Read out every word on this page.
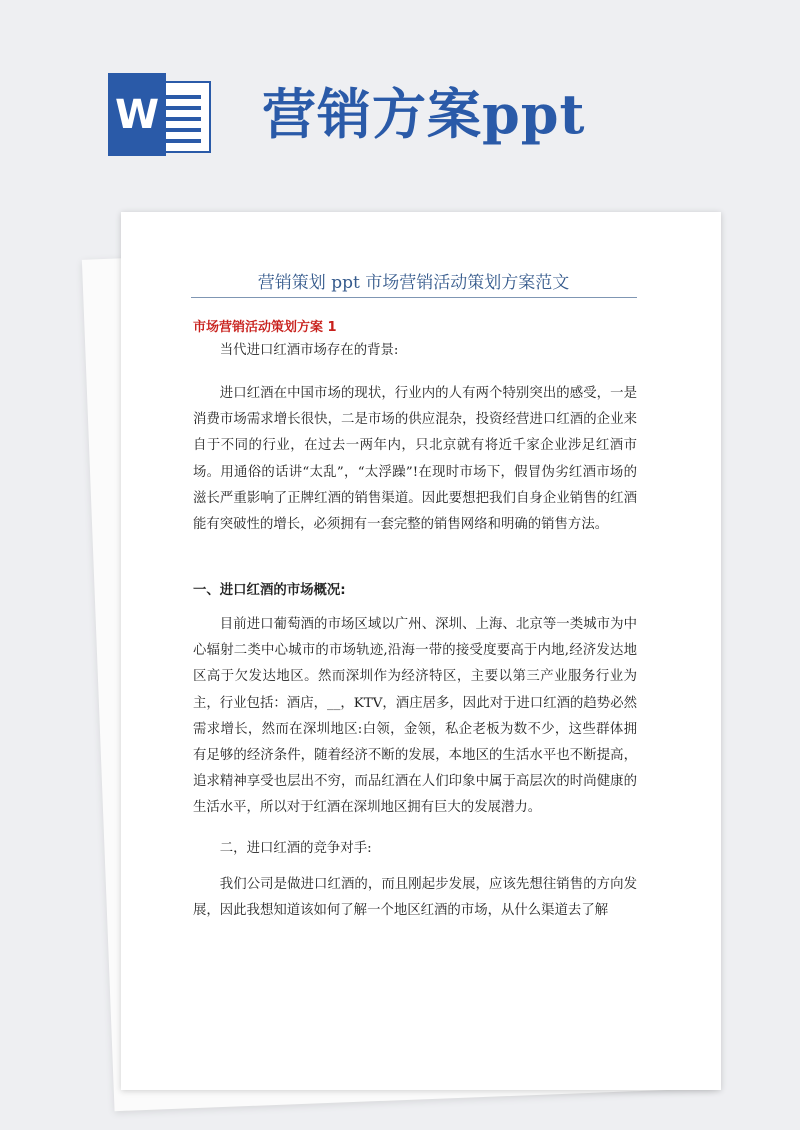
W 营销方案ppt
营销策划 ppt 市场营销活动策划方案范文
市场营销活动策划方案 1

当代进口红酒市场存在的背景:

进口红酒在中国市场的现状，行业内的人有两个特别突出的感受，一是消费市场需求增长很快，二是市场的供应混杂，投资经营进口红酒的企业来自于不同的行业，在过去一两年内，只北京就有将近千家企业涉足红酒市场。用通俗的话讲“太乱”，“太浮躁”!在现时市场下，假冒伪劣红酒市场的滋长严重影响了正牌红酒的销售渠道。因此要想把我们自身企业销售的红酒能有突破性的增长，必须拥有一套完整的销售网络和明确的销售方法。

一、进口红酒的市场概况:

目前进口葡萄酒的市场区域以广州、深圳、上海、北京等一类城市为中心辐射二类中心城市的市场轨迹,沿海一带的接受度要高于内地,经济发达地区高于欠发达地区。然而深圳作为经济特区，主要以第三产业服务行业为主，行业包括：酒店，__，KTV，酒庄居多，因此对于进口红酒的趋势必然需求增长，然而在深圳地区:白领，金领，私企老板为数不少，这些群体拥有足够的经济条件，随着经济不断的发展，本地区的生活水平也不断提高，追求精神享受也层出不穷，而品红酒在人们印象中属于高层次的时尚健康的生活水平，所以对于红酒在深圳地区拥有巨大的发展潜力。

二，进口红酒的竞争对手:

我们公司是做进口红酒的，而且刚起步发展，应该先想往销售的方向发展，因此我想知道该如何了解一个地区红酒的市场，从什么渠道去了解
